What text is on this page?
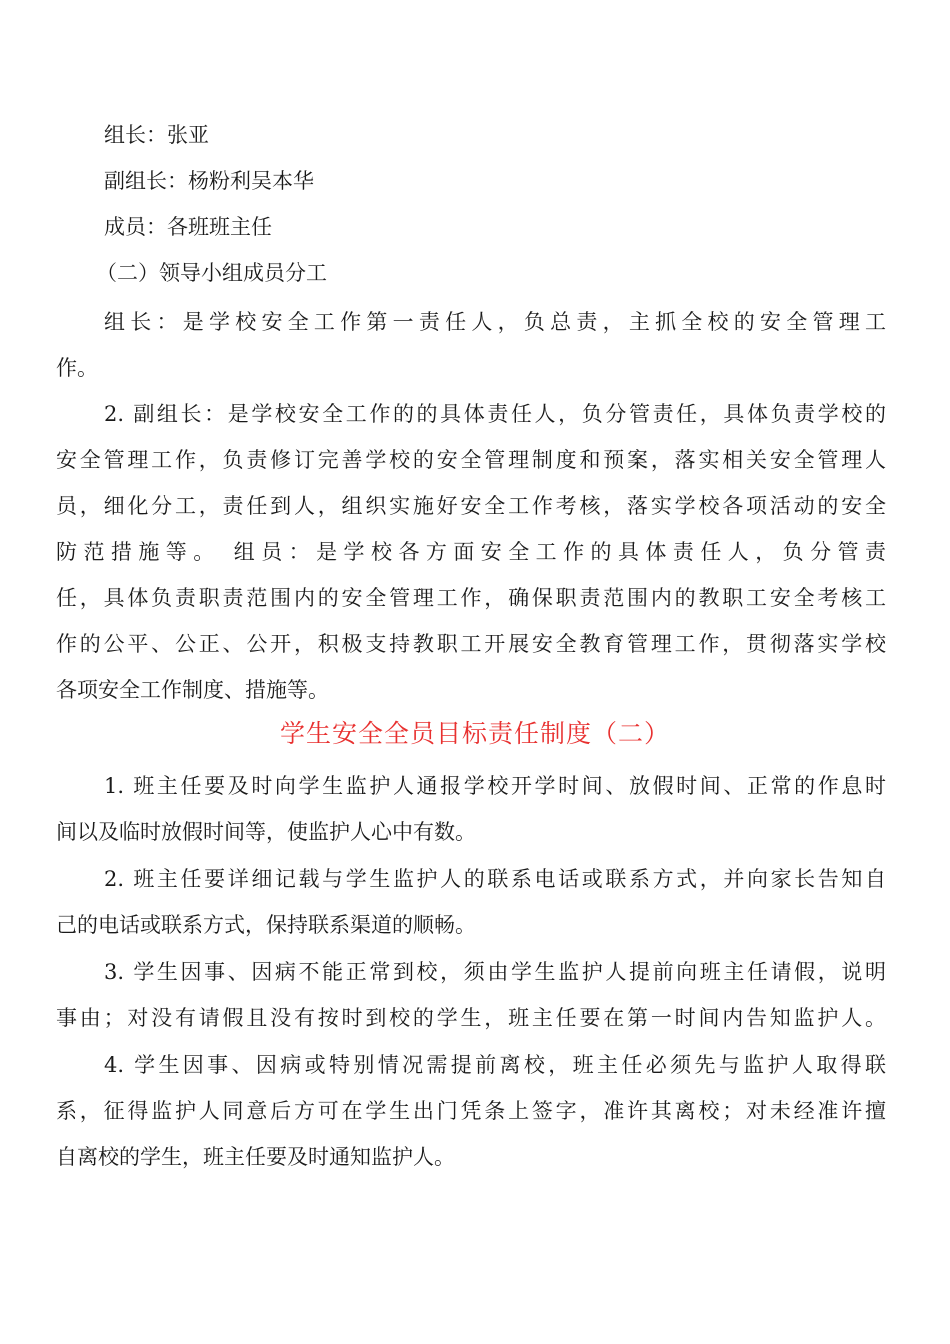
组长：张亚
副组长：杨粉利吴本华
成员：各班班主任
（二）领导小组成员分工
组长：是学校安全工作第一责任人，负总责，主抓全校的安全管理工
作。
2. 副组长：是学校安全工作的的具体责任人，负分管责任，具体负责学校的
安全管理工作，负责修订完善学校的安全管理制度和预案，落实相关安全管理人
员，细化分工，责任到人，组织实施好安全工作考核，落实学校各项活动的安全
防范措施等。 组员：是学校各方面安全工作的具体责任人，负分管责
任，具体负责职责范围内的安全管理工作，确保职责范围内的教职工安全考核工
作的公平、公正、公开，积极支持教职工开展安全教育管理工作，贯彻落实学校
各项安全工作制度、措施等。
学生安全全员目标责任制度（二）
1. 班主任要及时向学生监护人通报学校开学时间、放假时间、正常的作息时
间以及临时放假时间等，使监护人心中有数。
2. 班主任要详细记载与学生监护人的联系电话或联系方式，并向家长告知自
己的电话或联系方式，保持联系渠道的顺畅。
3. 学生因事、因病不能正常到校，须由学生监护人提前向班主任请假，说明
事由；对没有请假且没有按时到校的学生，班主任要在第一时间内告知监护人。
4. 学生因事、因病或特别情况需提前离校，班主任必须先与监护人取得联
系，征得监护人同意后方可在学生出门凭条上签字，准许其离校；对未经准许擅
自离校的学生，班主任要及时通知监护人。
